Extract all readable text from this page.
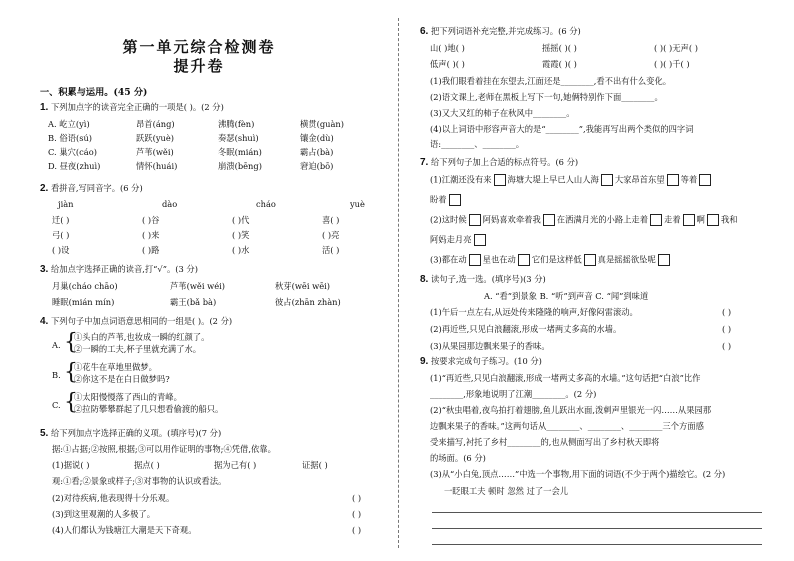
第一单元综合检测卷
提升卷
一、积累与运用。(45 分)
1. 下列加点字的读音完全正确的一项是( )。(2 分)
A. 屹立(yì)	昂首(áng)	沸腾(fèn)	横贯(guàn)
B. 俗语(sú)	跃跃(yuè)	奏瑟(shuì)	镶金(dù)
C. 巢穴(cáo)	芦苇(wěi)	冬眠(mián)	霸占(bà)
D. 昼夜(zhuì)	情怀(huái)	崩溃(bēng)	窘迫(bō)
2. 看拼音,写同音字。(6 分)
jiàn	dào	cháo	yuè
迁( )	( )谷	( )代	喜( )
弓( )	( )来	( )笑	( )亮
( )设	( )路	( )水	活( )
3. 给加点字选择正确的读音,打“√”。(3 分)
月巢(cháo chāo)	芦苇(wěi wéi)	秋芽(wēi wēi)
睡眠(mián mín)	霸王(bǎ bà)	彼占(zhān zhàn)
4. 下列句子中加点词语意思相同的一组是( )。(2 分)
A. {
①头白的芦苇,也妆成一瞬的红颜了。
②一瞬的工夫,杯子里就充满了水。
B. {
①花牛在草地里做梦。
②你这不是在白日做梦吗?
C. {
①太阳慢慢落了西山的青峰。
②拉防攀攀群起了几只想看偷渡的船只。
5. 给下列加点字选择正确的义项。(填序号)(7 分)
据:①占据;②按照,根据;③可以用作证明的事物;④凭借,依靠。
(1)据说( )	据点( )	据为己有( )	证据( )
观:①看;②景象或样子;③对事物的认识或看法。
(2)对待疾病,他表现得十分乐观。	( )
(3)到这里观潮的人多极了。	( )
(4)人们都认为钱塘江大潮是天下奇观。	( )
6. 把下列词语补充完整,并完成练习。(6 分)
山( )地( )	摇摇( )( )	( )( )无声( )
低声( )( )	霞霞( )( )	( )( )千( )
(1)我们眼看着挂在东望去,江面还是________,看不出有什么变化。
(2)语文课上,老师在黑板上写下一句,她俩特别作下面________。
(3)又大又红的柿子在秋风中________。
(4)以上词语中形容声音大的是“________”,我能再写出两个类似的四字词
语:________、________。
7. 给下列句子加上合适的标点符号。(6 分)
(1)江潮还没有来 海塘大堤上早已人山人海 大家昂首东望 等着
盼着
(2)这时候 阿妈喜欢牵着我 在洒满月光的小路上走着 走着 啊 我和
阿妈走月亮
(3)都在动 星也在动 它们是这样低 真是摇摇欲坠呢
8. 读句子,选一选。(填序号)(3 分)
A. “看”到景象 B. “听”到声音 C. “闻”到味道
(1)午后一点左右,从远处传来隆隆的响声,好像闷雷滚动。	( )
(2)再近些,只见白浪翻滚,形成一堵两丈多高的水墙。	( )
(3)从果园那边飘来果子的香味。	( )
9. 按要求完成句子练习。(10 分)
(1)“再近些,只见白浪翻滚,形成一堵两丈多高的水墙。”这句话把“白浪”比作
________,形象地说明了江潮________。(2 分)
(2)“秋虫唱着,夜鸟拍打着翅膀,鱼儿跃出水面,泼刺声里银光一闪……从果园那
边飘来果子的香味。”这两句话从________、________、________三个方面感
受来描写,衬托了乡村________的,也从侧面写出了乡村秋天即将
的场面。(6 分)
(3)从“小白兔,顶点……”中选一个事物,用下面的词语(不少于两个)描绘它。(2 分)
一眨眼工夫 顿时 忽然 过了一会儿
